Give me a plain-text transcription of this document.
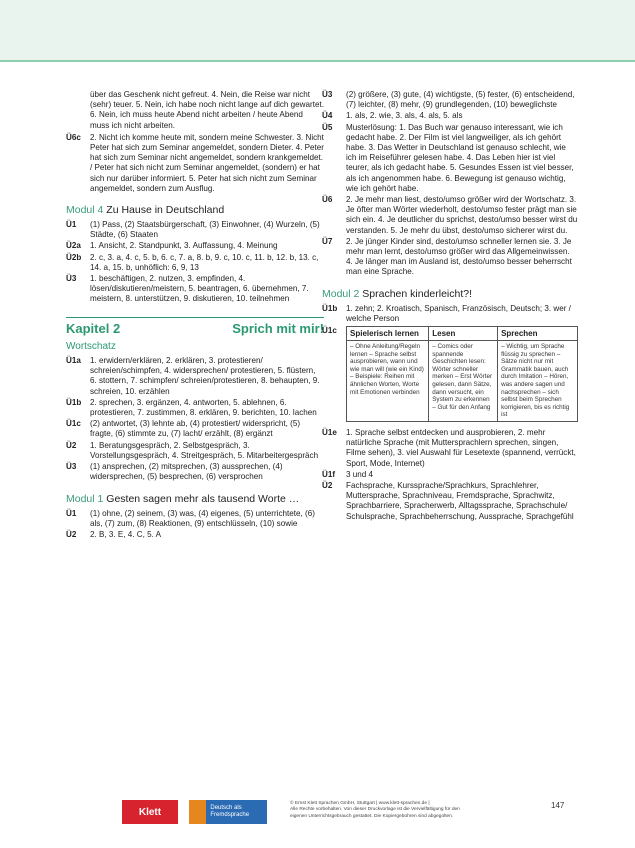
über das Geschenk nicht gefreut. 4. Nein, die Reise war nicht (sehr) teuer. 5. Nein, ich habe noch nicht lange auf dich gewartet. 6. Nein, ich muss heute Abend nicht arbeiten / heute Abend muss ich nicht arbeiten.
Ü6c	2. Nicht ich komme heute mit, sondern meine Schwester. 3. Nicht Peter hat sich zum Seminar angemeldet, sondern Dieter. 4. Peter hat sich zum Seminar nicht angemeldet, sondern krankgemeldet. / Peter hat sich nicht zum Seminar angemeldet, (sondern) er hat sich nur darüber informiert. 5. Peter hat sich nicht zum Seminar angemeldet, sondern zum Ausflug.
Modul 4 Zu Hause in Deutschland
Ü1	(1) Pass, (2) Staatsbürgerschaft, (3) Einwohner, (4) Wurzeln, (5) Städte, (6) Staaten
Ü2a	1. Ansicht, 2. Standpunkt, 3. Auffassung, 4. Meinung
Ü2b	2. c, 3. a, 4. c, 5. b, 6. c, 7. a, 8. b, 9. c, 10. c, 11. b, 12. b, 13. c, 14. a, 15. b, unhöflich: 6, 9, 13
Ü3	1. beschäftigen, 2. nutzen, 3. empfinden, 4. lösen/diskutieren/meistern, 5. beantragen, 6. übernehmen, 7. meistern, 8. unterstützen, 9. diskutieren, 10. teilnehmen
Kapitel 2	Sprich mit mir!
Wortschatz
Ü1a	1. erwidern/erklären, 2. erklären, 3. protestieren/ schreien/schimpfen, 4. widersprechen/ protestieren, 5. flüstern, 6. stottern, 7. schimpfen/ schreien/protestieren, 8. behaupten, 9. schreien, 10. erzählen
Ü1b	2. sprechen, 3. ergänzen, 4. antworten, 5. ablehnen, 6. protestieren, 7. zustimmen, 8. erklären, 9. berichten, 10. lachen
Ü1c	(2) antwortet, (3) lehnte ab, (4) protestiert/ widerspricht, (5) fragte, (6) stimmte zu, (7) lacht/ erzählt, (8) ergänzt
Ü2	1. Beratungsgespräch, 2. Selbstgespräch, 3. Vorstellungsgespräch, 4. Streitgespräch, 5. Mitarbeitergespräch
Ü3	(1) ansprechen, (2) mitsprechen, (3) aussprechen, (4) widersprechen, (5) besprechen, (6) versprochen
Modul 1 Gesten sagen mehr als tausend Worte …
Ü1	(1) ohne, (2) seinem, (3) was, (4) eigenes, (5) unterrichtete, (6) als, (7) zum, (8) Reaktionen, (9) entschlüsseln, (10) sowie
Ü2	2. B, 3. E, 4. C, 5. A
Ü3	(2) größere, (3) gute, (4) wichtigste, (5) fester, (6) entscheidend, (7) leichter, (8) mehr, (9) grundlegenden, (10) beweglichste
Ü4	1. als, 2. wie, 3. als, 4. als, 5. als
Ü5	Musterlösung: 1. Das Buch war genauso interessant, wie ich gedacht habe. 2. Der Film ist viel langweiliger, als ich gehört habe. 3. Das Wetter in Deutschland ist genauso schlecht, wie ich im Reiseführer gelesen habe. 4. Das Leben hier ist viel teurer, als ich gedacht habe. 5. Gesundes Essen ist viel besser, als ich angenommen habe. 6. Bewegung ist genauso wichtig, wie ich gehört habe.
Ü6	2. Je mehr man liest, desto/umso größer wird der Wortschatz. 3. Je öfter man Wörter wiederholt, desto/umso fester prägt man sie sich ein. 4. Je deutlicher du sprichst, desto/umso besser wirst du verstanden. 5. Je mehr du übst, desto/umso sicherer wirst du.
Ü7	2. Je jünger Kinder sind, desto/umso schneller lernen sie. 3. Je mehr man lernt, desto/umso größer wird das Allgemeinwissen. 4. Je länger man im Ausland ist, desto/umso besser beherrscht man eine Sprache.
Modul 2 Sprachen kinderleicht?!
Ü1b	1. zehn; 2. Kroatisch, Spanisch, Französisch, Deutsch; 3. wer / welche Person
Ü1c	Spielerisch lernen	Lesen	Sprechen
– Ohne Anleitung/Regeln lernen – Sprache selbst ausprobieren, wann und wie man will (wie ein Kind) – Beispiele: Reihen mit ähnlichen Worten, Worte mit Emotionen verbinden	– Comics oder spannende Geschichten lesen: Wörter schneller merken – Erst Wörter gelesen, dann Sätze, dann versucht, ein System zu erkennen – Gut für den Anfang	– Wichtig, um Sprache flüssig zu sprechen – Sätze nicht nur mit Grammatik bauen, auch durch Imitation – Hören, was andere sagen und nachsprechen – sich selbst beim Sprechen korrigieren, bis es richtig ist
Ü1e	1. Sprache selbst entdecken und ausprobieren, 2. mehr natürliche Sprache (mit Muttersprachlern sprechen, singen, Filme sehen), 3. viel Auswahl für Lesetexte (spannend, verrückt, Sport, Mode, Internet)
Ü1f	3 und 4
Ü2	Fachsprache, Kurssprache/Sprachkurs, Sprachlehrer, Muttersprache, Sprachniveau, Fremdsprache, Sprachwitz, Sprachbarriere, Spracherwerb, Alltagssprache, Sprachschule/ Schulsprache, Sprachbeherrschung, Aussprache, Sprachgefühl
Klett	Deutsch als Fremdsprache
© Ernst Klett Sprachen GmbH, Stuttgart | www.klett-sprachen.de |
Alle Rechte vorbehalten. Von dieser Druckvorlage ist die Vervielfältigung für den
eigenen Unterrichtsgebrauch gestattet. Die Kopiergebühren sind abgegolten.
147
